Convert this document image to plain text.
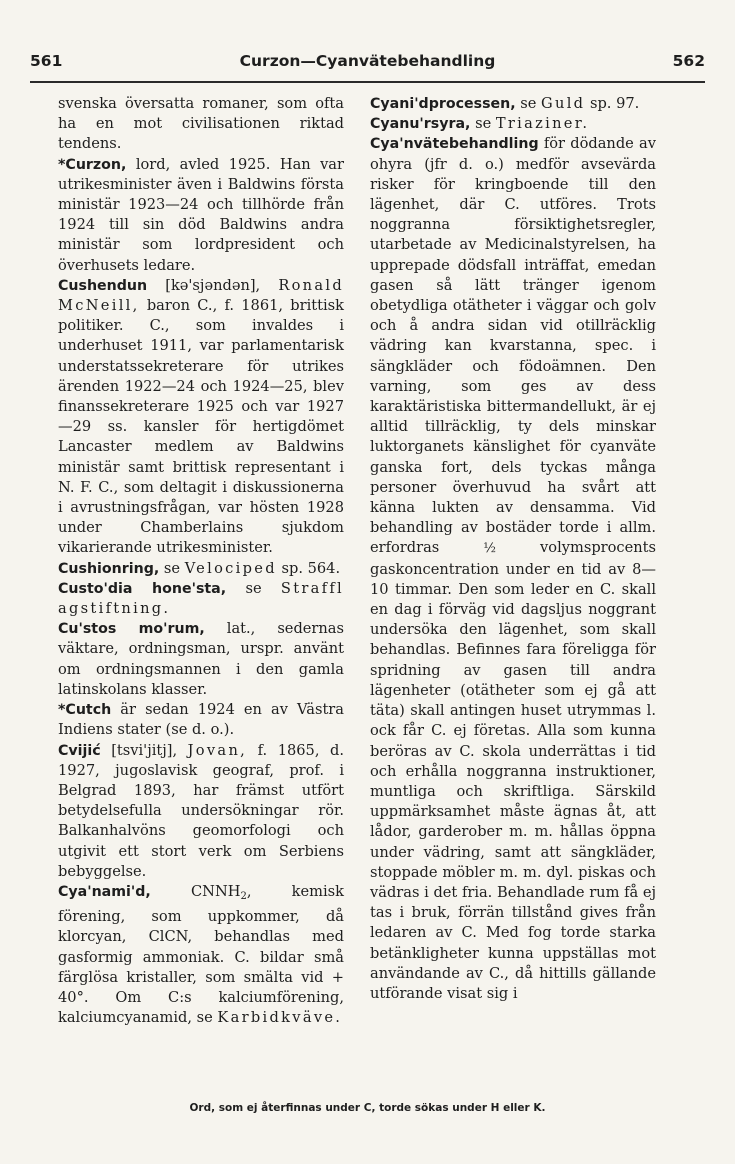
561	Curzon—Cyanvätebehandling	562

svenska översatta romaner, som ofta ha en mot civilisationen riktad tendens.

*Curzon, lord, avled 1925. Han var utrikesminister även i Baldwins första ministär 1923—24 och tillhörde från 1924 till sin död Baldwins andra ministär som lordpresident och överhusets ledare.

Cushendun [kə'sjəndən], Ronald McNeill, baron C., f. 1861, brittisk politiker. C., som invaldes i underhuset 1911, var parlamentarisk understatssekreterare för utrikes ärenden 1922—24 och 1924—25, blev finanssekreterare 1925 och var 1927—29 ss. kansler för hertigdömet Lancaster medlem av Baldwins ministär samt brittisk representant i N. F. C., som deltagit i diskussionerna i avrustningsfrågan, var hösten 1928 under Chamberlains sjukdom vikarierande utrikesminister.

Cushionring, se Velociped sp. 564.

Custo'dia hone'sta, se Straffl agstiftning.

Cu'stos mo'rum, lat., sedernas väktare, ordningsman, urspr. använt om ordningsmannen i den gamla latinskolans klasser.

*Cutch är sedan 1924 en av Västra Indiens stater (se d. o.).

Cvijić [tsvi'jitj], Jovan, f. 1865, d. 1927, jugoslavisk geograf, prof. i Belgrad 1893, har främst utfört betydelsefulla undersökningar rör. Balkanhalvöns geomorfologi och utgivit ett stort verk om Serbiens bebyggelse.

Cya'nami'd, $CNNH_2$, kemisk förening, som uppkommer, då klorcyan, ClCN, behandlas med gasformig ammoniak. C. bildar små färglösa kristaller, som smälta vid + 40°. Om C:s kalciumförening, kalciumcyanamid, se Karbidkväve.

Cyani'dprocessen, se Guld sp. 97.

Cyanu'rsyra, se Triaziner.

Cya'nvätebehandling för dödande av ohyra (jfr d. o.) medför avsevärda risker för kringboende till den lägenhet, där C. utföres. Trots noggranna försiktighetsregler, utarbetade av Medicinalstyrelsen, ha upprepade dödsfall inträffat, emedan gasen så lätt tränger igenom obetydliga otätheter i väggar och golv och å andra sidan vid otillräcklig vädring kan kvarstanna, spec. i sängkläder och födoämnen. Den varning, som ges av dess karaktäristiska bittermandellukt, är ej alltid tillräcklig, ty dels minskar luktorganets känslighet för cyanväte ganska fort, dels tyckas många personer överhuvud ha svårt att känna lukten av densamma. Vid behandling av bostäder torde i allm. erfordras ½ volymsprocents gaskoncentration under en tid av 8—10 timmar. Den som leder en C. skall en dag i förväg vid dagsljus noggrant undersöka den lägenhet, som skall behandlas. Befinnes fara föreligga för spridning av gasen till andra lägenheter (otätheter som ej gå att täta) skall antingen huset utrymmas l. ock får C. ej företas. Alla som kunna beröras av C. skola underrättas i tid och erhålla noggranna instruktioner, muntliga och skriftliga. Särskild uppmärksamhet måste ägnas åt, att lådor, garderober m. m. hållas öppna under vädring, samt att sängkläder, stoppade möbler m. m. dyl. piskas och vädras i det fria. Behandlade rum få ej tas i bruk, förrän tillstånd gives från ledaren av C. Med fog torde starka betänkligheter kunna uppställas mot användande av C., då hittills gällande utförande visat sig i

Ord, som ej återfinnas under C, torde sökas under H eller K.
